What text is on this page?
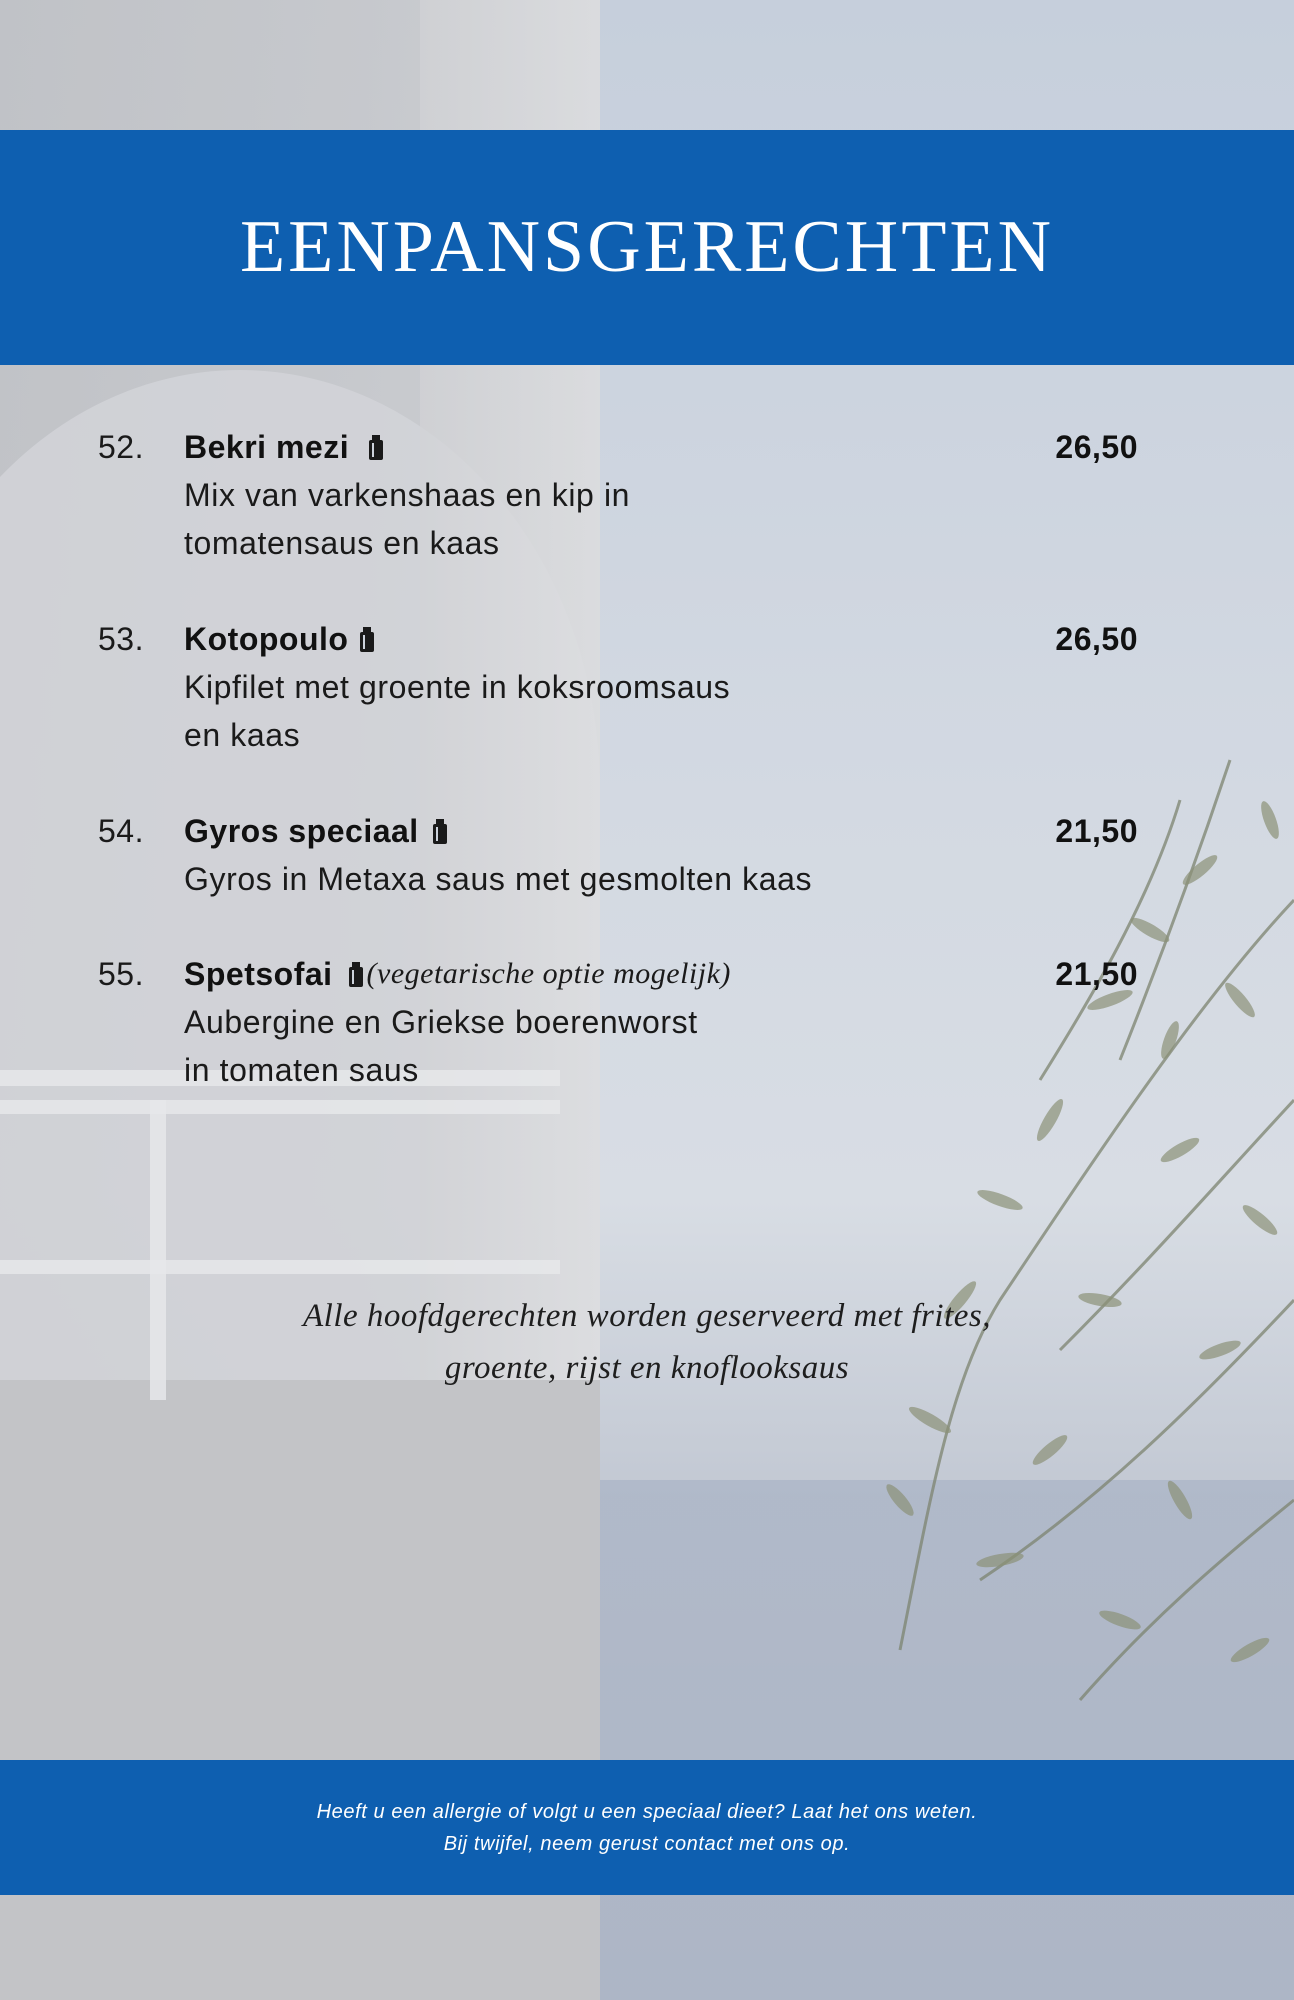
EENPANSGERECHTEN
52.	Bekri mezi	26,50
Mix van varkenshaas en kip in
tomatensaus en kaas
53.	Kotopoulo	26,50
Kipfilet met groente in koksroomsaus
en kaas
54.	Gyros speciaal	21,50
Gyros in Metaxa saus met gesmolten kaas
55.	Spetsofai (vegetarische optie mogelijk)	21,50
Aubergine en Griekse boerenworst
in tomaten saus
Alle hoofdgerechten worden geserveerd met frites,
groente, rijst en knoflooksaus
Heeft u een allergie of volgt u een speciaal dieet? Laat het ons weten.
Bij twijfel, neem gerust contact met ons op.
